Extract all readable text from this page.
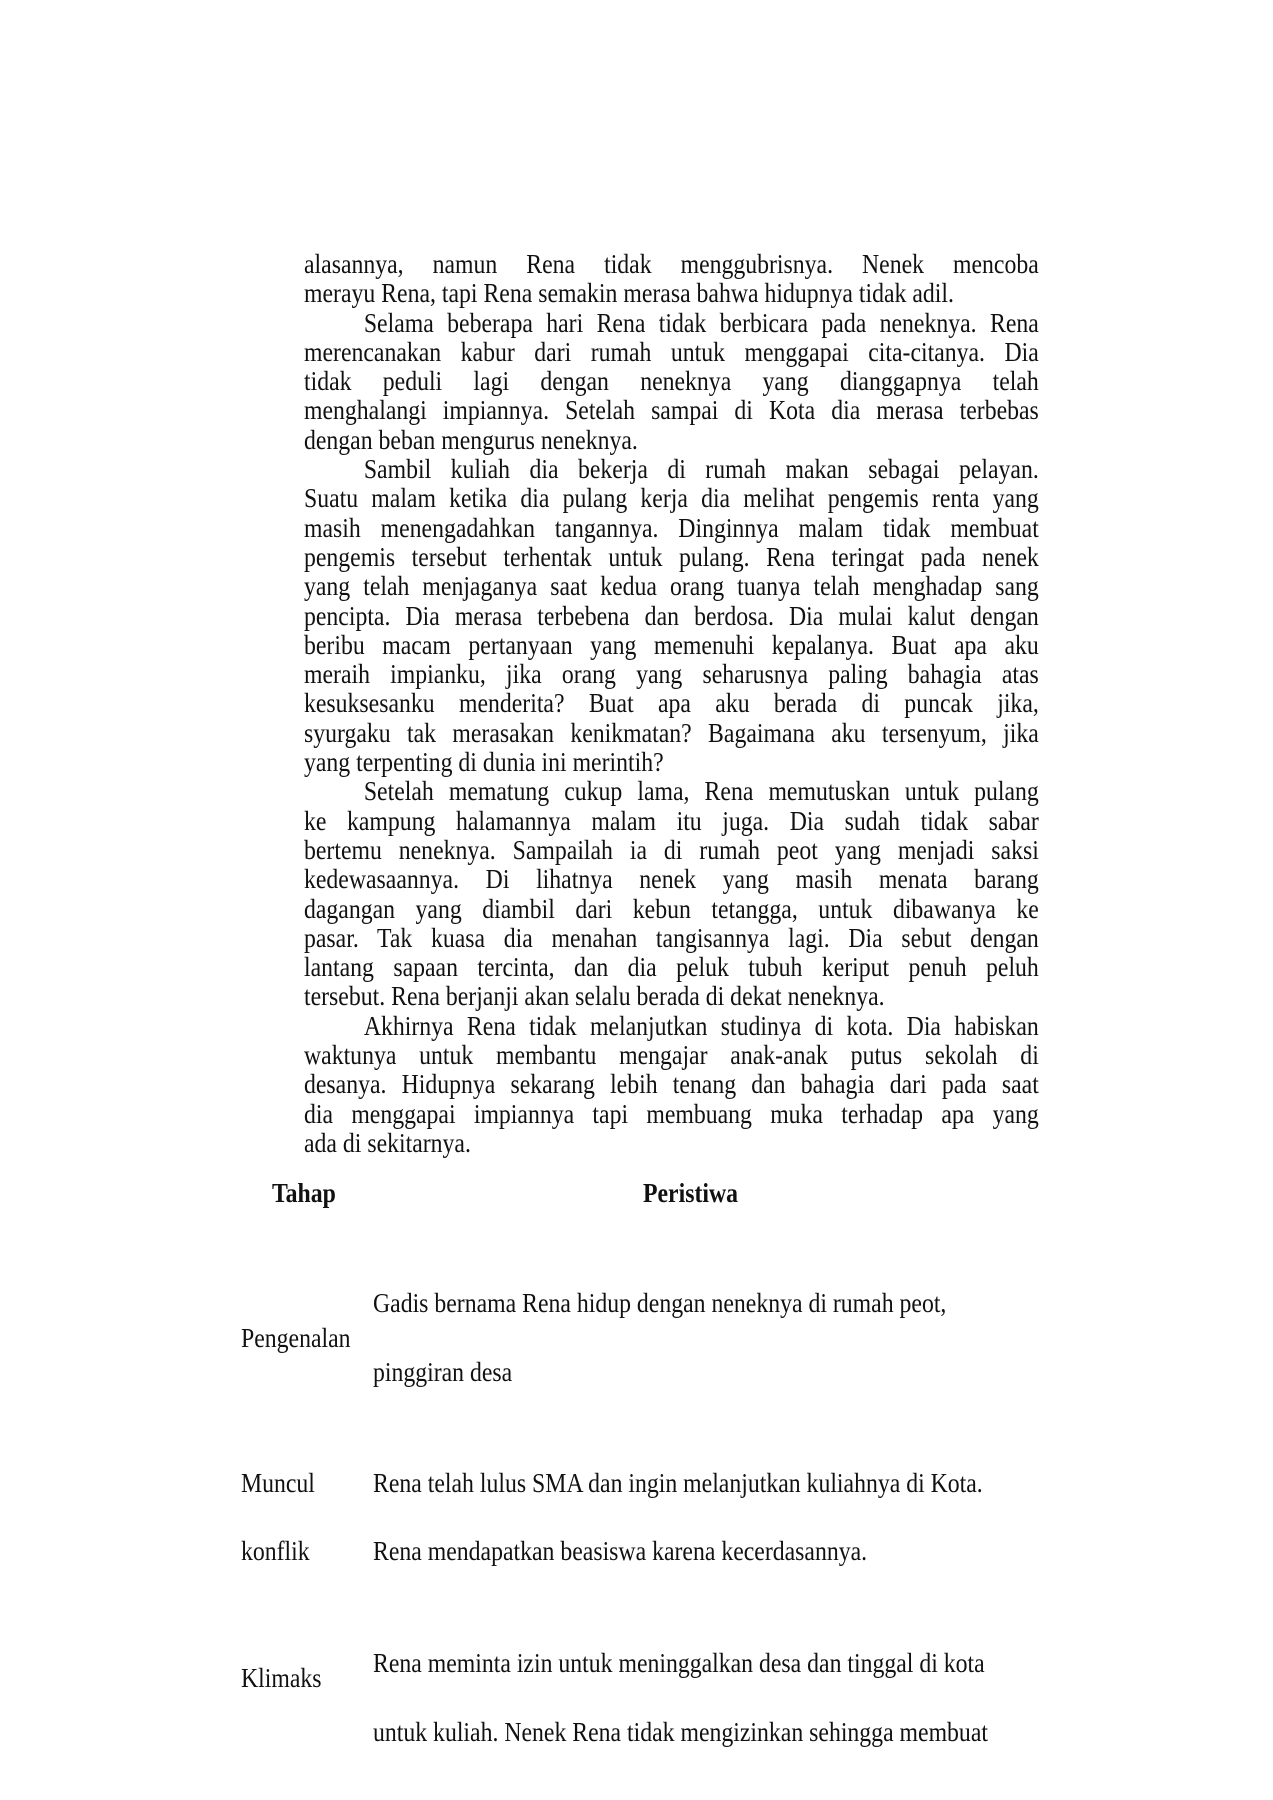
alasannya, namun Rena tidak menggubrisnya. Nenek mencoba
merayu Rena, tapi Rena semakin merasa bahwa hidupnya tidak adil.
Selama beberapa hari Rena tidak berbicara pada neneknya. Rena
merencanakan kabur dari rumah untuk menggapai cita-citanya. Dia
tidak peduli lagi dengan neneknya yang dianggapnya telah
menghalangi impiannya. Setelah sampai di Kota dia merasa terbebas
dengan beban mengurus neneknya.
Sambil kuliah dia bekerja di rumah makan sebagai pelayan.
Suatu malam ketika dia pulang kerja dia melihat pengemis renta yang
masih menengadahkan tangannya. Dinginnya malam tidak membuat
pengemis tersebut terhentak untuk pulang. Rena teringat pada nenek
yang telah menjaganya saat kedua orang tuanya telah menghadap sang
pencipta. Dia merasa terbebena dan berdosa. Dia mulai kalut dengan
beribu macam pertanyaan yang memenuhi kepalanya. Buat apa aku
meraih impianku, jika orang yang seharusnya paling bahagia atas
kesuksesanku menderita? Buat apa aku berada di puncak jika,
syurgaku tak merasakan kenikmatan? Bagaimana aku tersenyum, jika
yang terpenting di dunia ini merintih?
Setelah mematung cukup lama, Rena memutuskan untuk pulang
ke kampung halamannya malam itu juga. Dia sudah tidak sabar
bertemu neneknya. Sampailah ia di rumah peot yang menjadi saksi
kedewasaannya. Di lihatnya nenek yang masih menata barang
dagangan yang diambil dari kebun tetangga, untuk dibawanya ke
pasar. Tak kuasa dia menahan tangisannya lagi. Dia sebut dengan
lantang sapaan tercinta, dan dia peluk tubuh keriput penuh peluh
tersebut. Rena berjanji akan selalu berada di dekat neneknya.
Akhirnya Rena tidak melanjutkan studinya di kota. Dia habiskan
waktunya untuk membantu mengajar anak-anak putus sekolah di
desanya. Hidupnya sekarang lebih tenang dan bahagia dari pada saat
dia menggapai impiannya tapi membuang muka terhadap apa yang
ada di sekitarnya.
Tahap	Peristiwa
Pengenalan
Gadis bernama Rena hidup dengan neneknya di rumah peot,
pinggiran desa
Muncul
konflik
Rena telah lulus SMA dan ingin melanjutkan kuliahnya di Kota.
Rena mendapatkan beasiswa karena kecerdasannya.
Klimaks Rena meminta izin untuk meninggalkan desa dan tinggal di kota
untuk kuliah. Nenek Rena tidak mengizinkan sehingga membuat
